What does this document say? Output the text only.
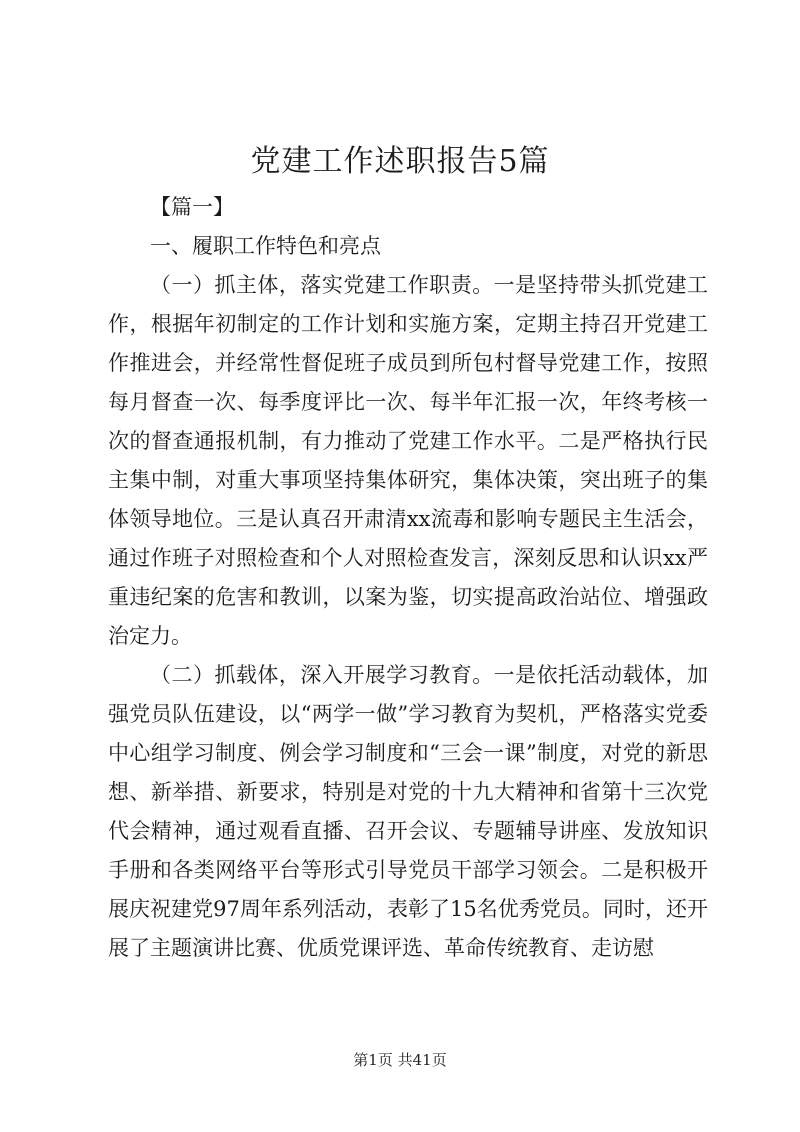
党建工作述职报告5篇

【篇一】

一、履职工作特色和亮点

（一）抓主体，落实党建工作职责。一是坚持带头抓党建工作，根据年初制定的工作计划和实施方案，定期主持召开党建工作推进会，并经常性督促班子成员到所包村督导党建工作，按照每月督查一次、每季度评比一次、每半年汇报一次，年终考核一次的督查通报机制，有力推动了党建工作水平。二是严格执行民主集中制，对重大事项坚持集体研究，集体决策，突出班子的集体领导地位。三是认真召开肃清xx流毒和影响专题民主生活会，通过作班子对照检查和个人对照检查发言，深刻反思和认识xx严重违纪案的危害和教训，以案为鉴，切实提高政治站位、增强政治定力。

（二）抓载体，深入开展学习教育。一是依托活动载体，加强党员队伍建设，以“两学一做”学习教育为契机，严格落实党委中心组学习制度、例会学习制度和“三会一课”制度，对党的新思想、新举措、新要求，特别是对党的十九大精神和省第十三次党代会精神，通过观看直播、召开会议、专题辅导讲座、发放知识手册和各类网络平台等形式引导党员干部学习领会。二是积极开展庆祝建党97周年系列活动，表彰了15名优秀党员。同时，还开展了主题演讲比赛、优质党课评选、革命传统教育、走访慰

第1页 共41页
